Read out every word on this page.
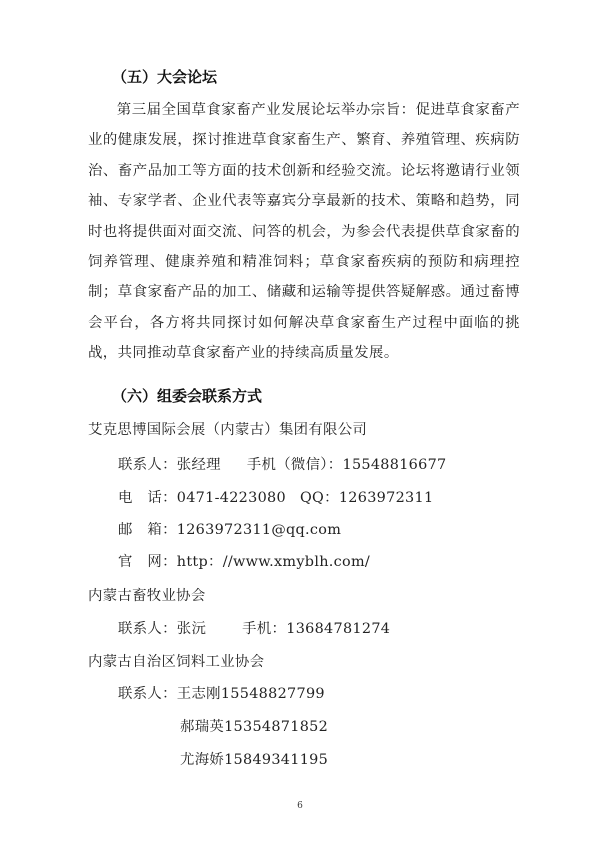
（五）大会论坛
第三届全国草食家畜产业发展论坛举办宗旨：促进草食家畜产业的健康发展，探讨推进草食家畜生产、繁育、养殖管理、疾病防治、畜产品加工等方面的技术创新和经验交流。论坛将邀请行业领袖、专家学者、企业代表等嘉宾分享最新的技术、策略和趋势，同时也将提供面对面交流、问答的机会，为参会代表提供草食家畜的饲养管理、健康养殖和精准饲料；草食家畜疾病的预防和病理控制；草食家畜产品的加工、储藏和运输等提供答疑解惑。通过畜博会平台，各方将共同探讨如何解决草食家畜生产过程中面临的挑战，共同推动草食家畜产业的持续高质量发展。
（六）组委会联系方式
艾克思博国际会展（内蒙古）集团有限公司
联系人：张经理 手机（微信）：15548816677
电　话：0471-4223080 QQ：1263972311
邮　箱：1263972311@qq.com
官　网：http：//www.xmyblh.com/
内蒙古畜牧业协会
联系人：张沅	手机：13684781274
内蒙古自治区饲料工业协会
联系人：王志刚15548827799
郝瑞英15354871852
尤海娇15849341195
6
